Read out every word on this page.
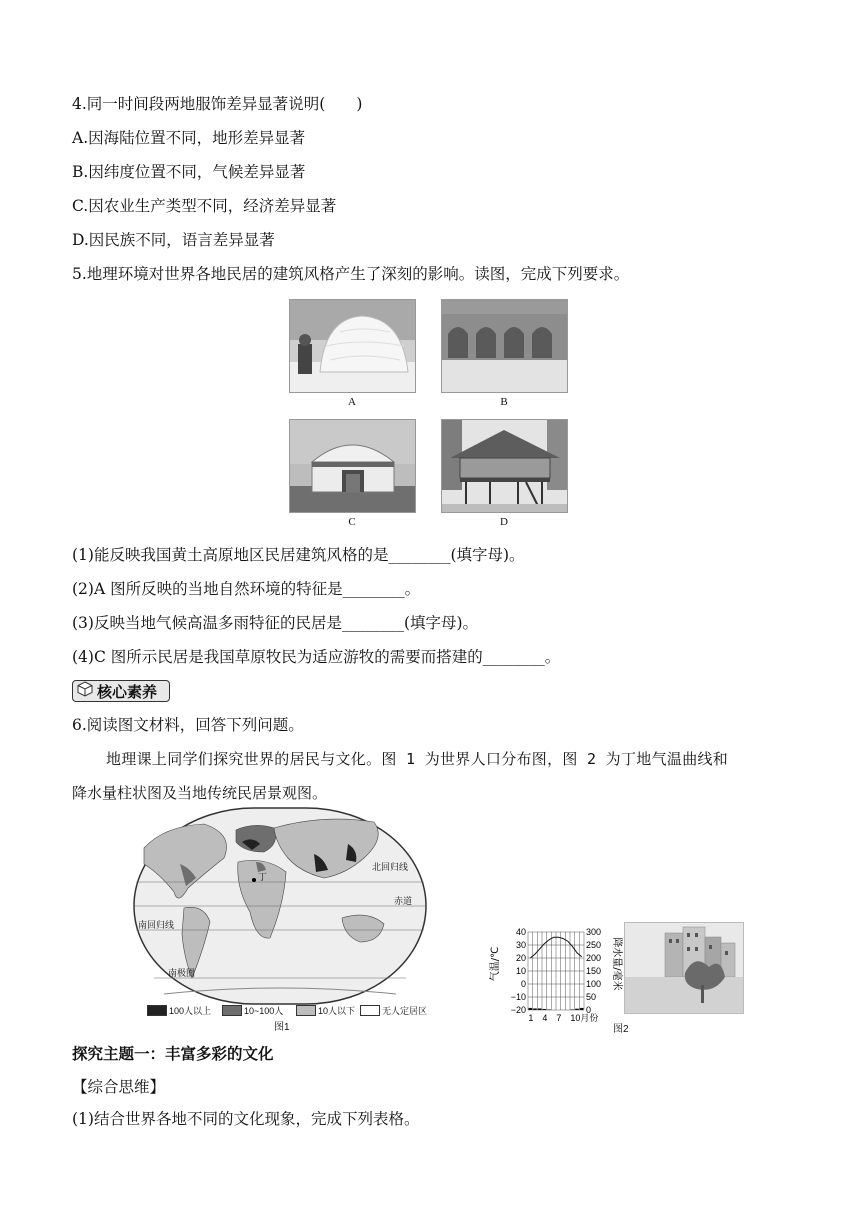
4.同一时间段两地服饰差异显著说明(　　)
A.因海陆位置不同，地形差异显著
B.因纬度位置不同，气候差异显著
C.因农业生产类型不同，经济差异显著
D.因民族不同，语言差异显著
5.地理环境对世界各地民居的建筑风格产生了深刻的影响。读图，完成下列要求。
A	B
C	D
(1)能反映我国黄土高原地区民居建筑风格的是________(填字母)。
(2)A 图所反映的当地自然环境的特征是________。
(3)反映当地气候高温多雨特征的民居是________(填字母)。
(4)C 图所示民居是我国草原牧民为适应游牧的需要而搭建的________。
核心素养
6.阅读图文材料，回答下列问题。
地理课上同学们探究世界的居民与文化。图 1 为世界人口分布图，图 2 为丁地气温曲线和
降水量柱状图及当地传统民居景观图。
北回归线
赤道
南回归线
南极圈
丁
100人以上	10~100人	10人以下	无人定居区
图1
气温/℃	降水量/毫米
40
30
20
10
0
−10
−20
300
250
200
150
100
50
0
1 4 7 10月份
图2
探究主题一：丰富多彩的文化
【综合思维】
(1)结合世界各地不同的文化现象，完成下列表格。
